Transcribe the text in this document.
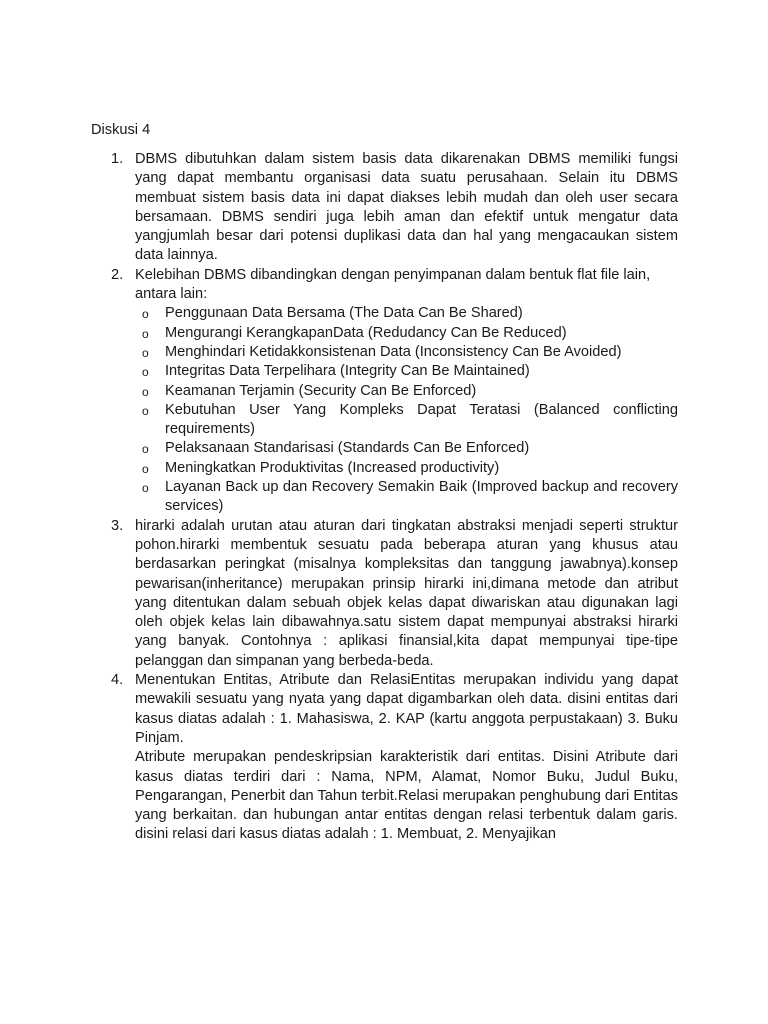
Diskusi 4
1. DBMS dibutuhkan dalam sistem basis data dikarenakan DBMS memiliki fungsi yang dapat membantu organisasi data suatu perusahaan. Selain itu DBMS membuat sistem basis data ini dapat diakses lebih mudah dan oleh user secara bersamaan. DBMS sendiri juga lebih aman dan efektif untuk mengatur data yangjumlah besar dari potensi duplikasi data dan hal yang mengacaukan sistem data lainnya.

2. Kelebihan DBMS dibandingkan dengan penyimpanan dalam bentuk flat file lain, antara lain:

o Penggunaan Data Bersama (The Data Can Be Shared)
o Mengurangi KerangkapanData (Redudancy Can Be Reduced)
o Menghindari Ketidakkonsistenan Data (Inconsistency Can Be Avoided)
o Integritas Data Terpelihara (Integrity Can Be Maintained)
o Keamanan Terjamin (Security Can Be Enforced)
o Kebutuhan User Yang Kompleks Dapat Teratasi (Balanced conflicting requirements)
o Pelaksanaan Standarisasi (Standards Can Be Enforced)
o Meningkatkan Produktivitas (Increased productivity)
o Layanan Back up dan Recovery Semakin Baik (Improved backup and recovery services)
3. hirarki adalah urutan atau aturan dari tingkatan abstraksi menjadi seperti struktur pohon.hirarki membentuk sesuatu pada beberapa aturan yang khusus atau berdasarkan peringkat (misalnya kompleksitas dan tanggung jawabnya).konsep pewarisan(inheritance) merupakan prinsip hirarki ini,dimana metode dan atribut yang ditentukan dalam sebuah objek kelas dapat diwariskan atau digunakan lagi oleh objek kelas lain dibawahnya.satu sistem dapat mempunyai abstraksi hirarki yang banyak. Contohnya : aplikasi finansial,kita dapat mempunyai tipe-tipe pelanggan dan simpanan yang berbeda-beda.

4. Menentukan Entitas, Atribute dan RelasiEntitas merupakan individu yang dapat mewakili sesuatu yang nyata yang dapat digambarkan oleh data. disini entitas dari kasus diatas adalah : 1. Mahasiswa, 2. KAP (kartu anggota perpustakaan) 3. Buku Pinjam.

Atribute merupakan pendeskripsian karakteristik dari entitas. Disini Atribute dari kasus diatas terdiri dari : Nama, NPM, Alamat, Nomor Buku, Judul Buku, Pengarangan, Penerbit dan Tahun terbit.Relasi merupakan penghubung dari Entitas yang berkaitan. dan hubungan antar entitas dengan relasi terbentuk dalam garis. disini relasi dari kasus diatas adalah : 1. Membuat, 2. Menyajikan
